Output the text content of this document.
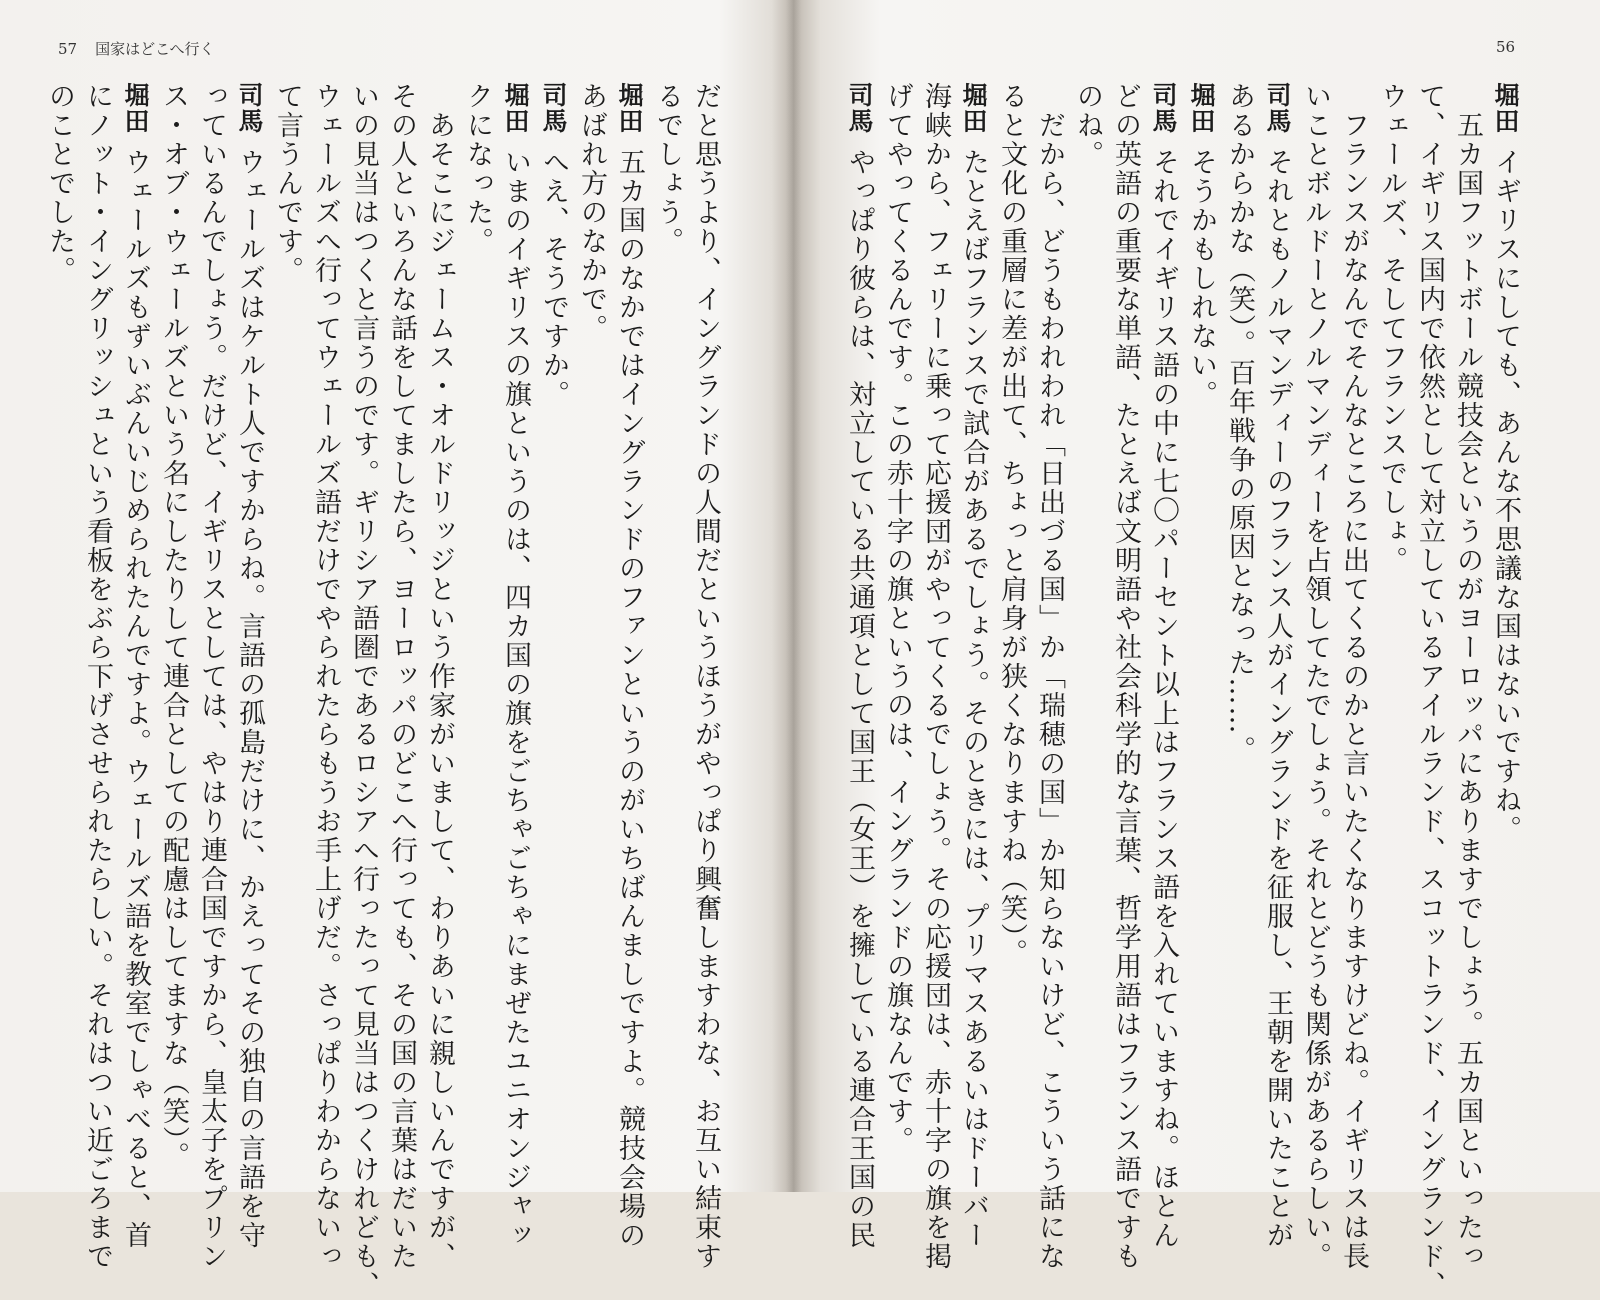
57 国家はどこへ行く	56
だと思うより、イングランドの人間だというほうがやっぱり興奮しますわな、お互い結束す
るでしょう。
堀田五カ国のなかではイングランドのファンというのがいちばんましですよ。競技会場の
あばれ方のなかで。
司馬へえ、そうですか。
堀田いまのイギリスの旗というのは、四カ国の旗をごちゃごちゃにまぜたユニオンジャッ
クになった。
　あそこにジェームス・オルドリッジという作家がいまして、わりあいに親しいんですが、
その人といろんな話をしてましたら、ヨーロッパのどこへ行っても、その国の言葉はだいた
いの見当はつくと言うのです。ギリシア語圏であるロシアへ行ったって見当はつくけれども、
ウェールズへ行ってウェールズ語だけでやられたらもうお手上げだ。さっぱりわからないっ
て言うんです。
司馬ウェールズはケルト人ですからね。言語の孤島だけに、かえってその独自の言語を守
っているんでしょう。だけど、イギリスとしては、やはり連合国ですから、皇太子をプリン
ス・オブ・ウェールズという名にしたりして連合としての配慮はしてますな（笑）。
堀田ウェールズもずいぶんいじめられたんですよ。ウェールズ語を教室でしゃべると、首
にノット・イングリッシュという看板をぶら下げさせられたらしい。それはつい近ごろまで
のことでした。	堀田イギリスにしても、あんな不思議な国はないですね。
　五カ国フットボール競技会というのがヨーロッパにありますでしょう。五カ国といったっ
て、イギリス国内で依然として対立しているアイルランド、スコットランド、イングランド、
ウェールズ、そしてフランスでしょ。
　フランスがなんでそんなところに出てくるのかと言いたくなりますけどね。イギリスは長
いことボルドーとノルマンディーを占領してたでしょう。それとどうも関係があるらしい。
司馬それともノルマンディーのフランス人がイングランドを征服し、王朝を開いたことが
あるからかな（笑）。百年戦争の原因となった……。
堀田そうかもしれない。
司馬それでイギリス語の中に七〇パーセント以上はフランス語を入れていますね。ほとん
どの英語の重要な単語、たとえば文明語や社会科学的な言葉、哲学用語はフランス語ですも
のね。
　だから、どうもわれわれ「日出づる国」か「瑞穂の国」か知らないけど、こういう話にな
ると文化の重層に差が出て、ちょっと肩身が狭くなりますね（笑）。
堀田たとえばフランスで試合があるでしょう。そのときには、プリマスあるいはドーバー
海峡から、フェリーに乗って応援団がやってくるでしょう。その応援団は、赤十字の旗を掲
げてやってくるんです。この赤十字の旗というのは、イングランドの旗なんです。
司馬やっぱり彼らは、対立している共通項として国王（女王）を擁している連合王国の民
